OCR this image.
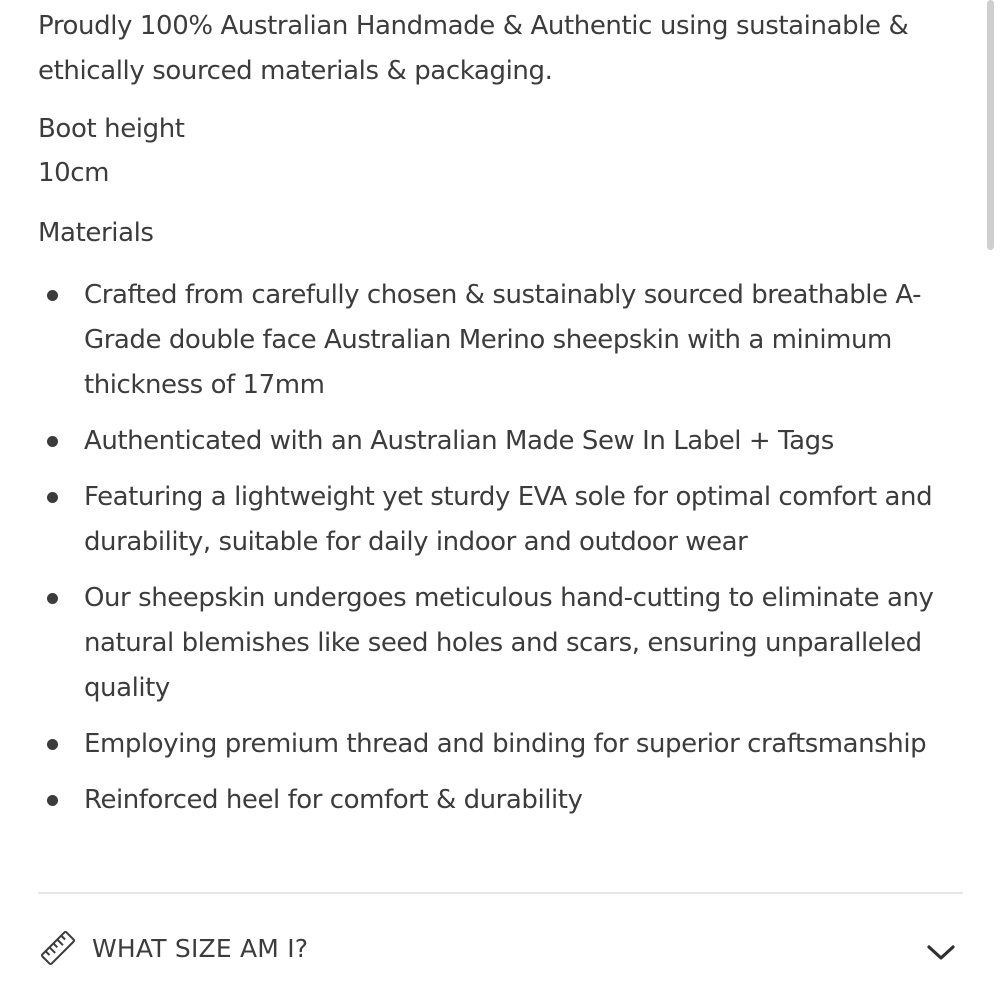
Proudly 100% Australian Handmade & Authentic using sustainable & ethically sourced materials & packaging.

Boot height
10cm

Materials

Crafted from carefully chosen & sustainably sourced breathable A-Grade double face Australian Merino sheepskin with a minimum thickness of 17mm
Authenticated with an Australian Made Sew In Label + Tags
Featuring a lightweight yet sturdy EVA sole for optimal comfort and durability, suitable for daily indoor and outdoor wear
Our sheepskin undergoes meticulous hand-cutting to eliminate any natural blemishes like seed holes and scars, ensuring unparalleled quality
Employing premium thread and binding for superior craftsmanship
Reinforced heel for comfort & durability
WHAT SIZE AM I?
